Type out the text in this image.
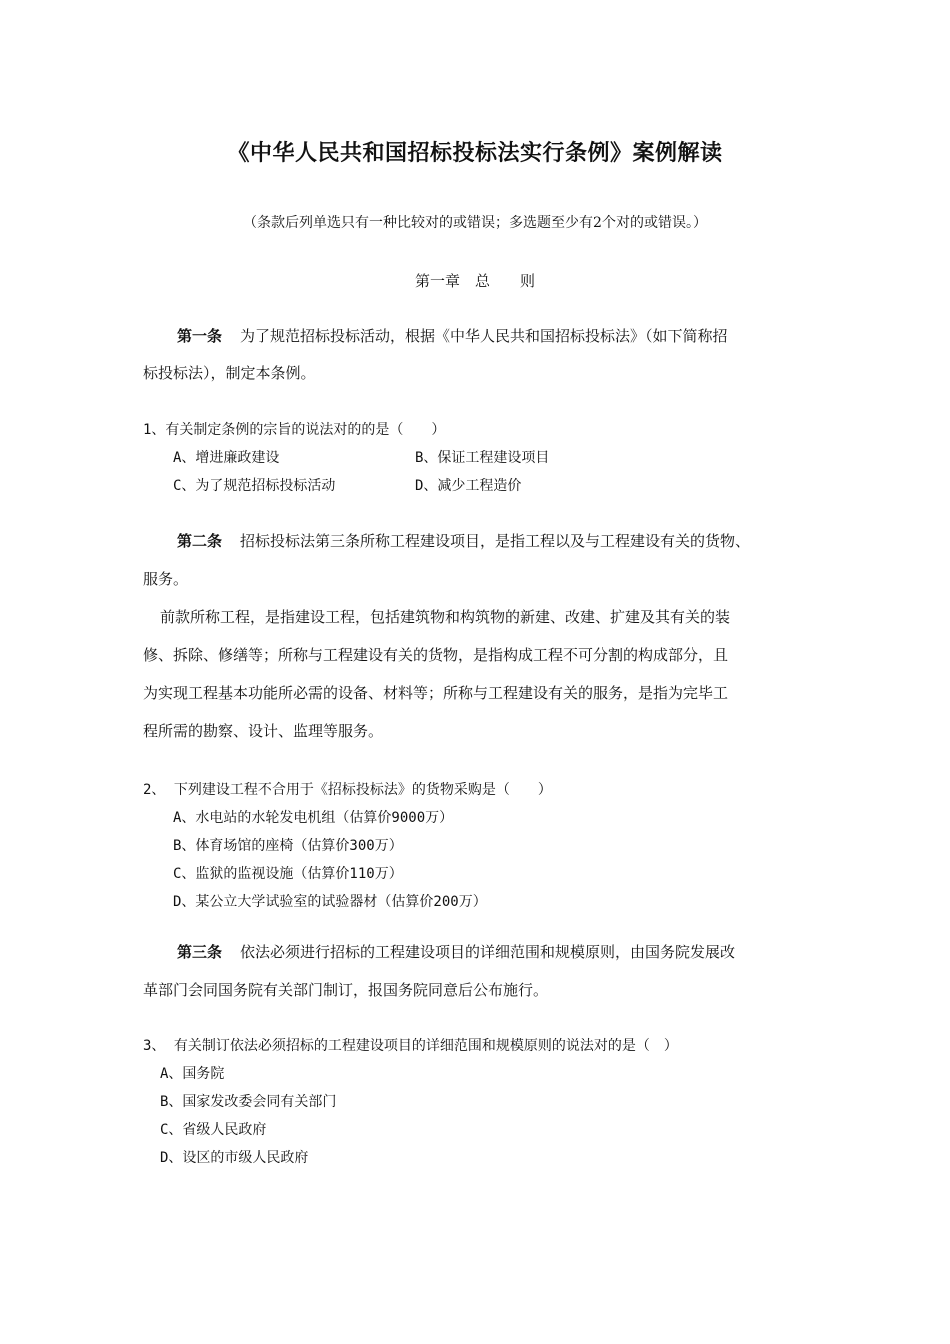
《中华人民共和国招标投标法实行条例》案例解读
（条款后列单选只有一种比较对的或错误；多选题至少有2个对的或错误。）
第一章　总　　则
第一条 为了规范招标投标活动，根据《中华人民共和国招标投标法》（如下简称招
标投标法），制定本条例。
1、有关制定条例的宗旨的说法对的的是（　　）
A、增进廉政建设	B、保证工程建设项目
C、为了规范招标投标活动	D、减少工程造价
第二条 招标投标法第三条所称工程建设项目，是指工程以及与工程建设有关的货物、
服务。
前款所称工程，是指建设工程，包括建筑物和构筑物的新建、改建、扩建及其有关的装
修、拆除、修缮等；所称与工程建设有关的货物，是指构成工程不可分割的构成部分，且
为实现工程基本功能所必需的设备、材料等；所称与工程建设有关的服务，是指为完毕工
程所需的勘察、设计、监理等服务。
2、 下列建设工程不合用于《招标投标法》的货物采购是（　　）
A、水电站的水轮发电机组（估算价9000万）
B、体育场馆的座椅（估算价300万）
C、监狱的监视设施（估算价110万）
D、某公立大学试验室的试验器材（估算价200万）
第三条 依法必须进行招标的工程建设项目的详细范围和规模原则，由国务院发展改
革部门会同国务院有关部门制订，报国务院同意后公布施行。
3、 有关制订依法必须招标的工程建设项目的详细范围和规模原则的说法对的是（　）
A、国务院
B、国家发改委会同有关部门
C、省级人民政府
D、设区的市级人民政府
